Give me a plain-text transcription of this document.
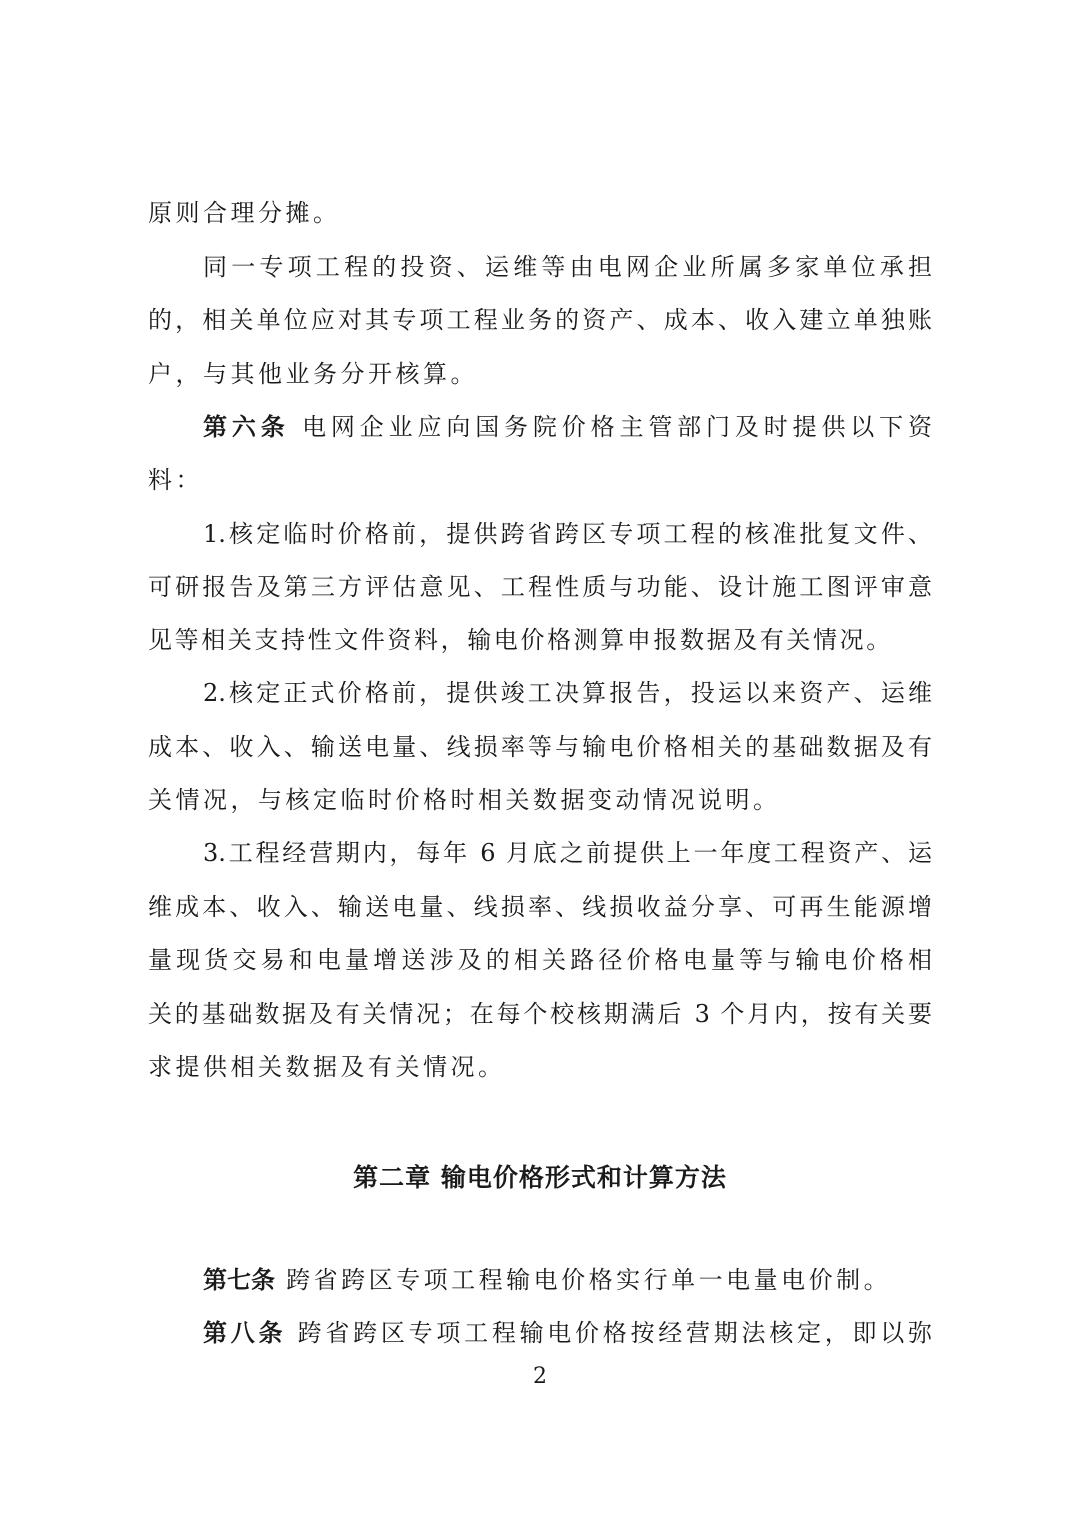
原则合理分摊。
同一专项工程的投资、运维等由电网企业所属多家单位承担
的，相关单位应对其专项工程业务的资产、成本、收入建立单独账
户，与其他业务分开核算。
第六条 电网企业应向国务院价格主管部门及时提供以下资
料：
1.核定临时价格前，提供跨省跨区专项工程的核准批复文件、
可研报告及第三方评估意见、工程性质与功能、设计施工图评审意
见等相关支持性文件资料，输电价格测算申报数据及有关情况。
2.核定正式价格前，提供竣工决算报告，投运以来资产、运维
成本、收入、输送电量、线损率等与输电价格相关的基础数据及有
关情况，与核定临时价格时相关数据变动情况说明。
3.工程经营期内，每年 6 月底之前提供上一年度工程资产、运
维成本、收入、输送电量、线损率、线损收益分享、可再生能源增
量现货交易和电量增送涉及的相关路径价格电量等与输电价格相
关的基础数据及有关情况；在每个校核期满后 3 个月内，按有关要
求提供相关数据及有关情况。
第二章 输电价格形式和计算方法
第七条 跨省跨区专项工程输电价格实行单一电量电价制。
第八条 跨省跨区专项工程输电价格按经营期法核定，即以弥
2
